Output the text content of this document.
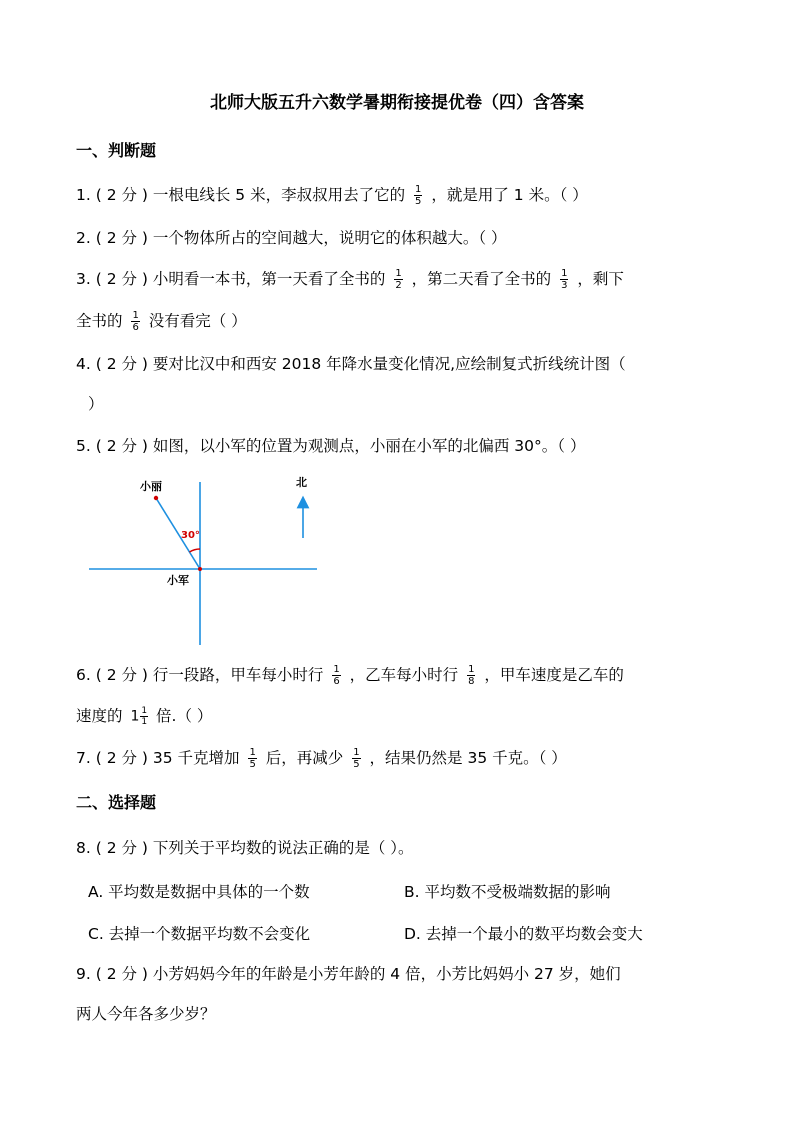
北师大版五升六数学暑期衔接提优卷（四）含答案
一、判断题
1. ( 2 分 ) 一根电线长 5 米，李叔叔用去了它的 $\frac{1}{5}$ ，就是用了 1 米。（ ）
2. ( 2 分 ) 一个物体所占的空间越大，说明它的体积越大。（ ）
3. ( 2 分 ) 小明看一本书，第一天看了全书的 $\frac{1}{2}$ ，第二天看了全书的 $\frac{1}{3}$ ，剩下
全书的 $\frac{1}{6}$ 没有看完（ ）
4. ( 2 分 ) 要对比汉中和西安 2018 年降水量变化情况,应绘制复式折线统计图（
）
5. ( 2 分 ) 如图，以小军的位置为观测点，小丽在小军的北偏西 30°。（ ）
小丽
小军
北
30°
6. ( 2 分 ) 行一段路，甲车每小时行 $\frac{1}{6}$ ，乙车每小时行 $\frac{1}{8}$ ，甲车速度是乙车的
速度的 $1 \frac{1}{1}$ 倍.（ ）
7. ( 2 分 ) 35 千克增加 $\frac{1}{5}$ 后，再减少 $\frac{1}{5}$ ，结果仍然是 35 千克。（ ）
二、选择题
8. ( 2 分 ) 下列关于平均数的说法正确的是（ ）。
A. 平均数是数据中具体的一个数	B. 平均数不受极端数据的影响
C. 去掉一个数据平均数不会变化	D. 去掉一个最小的数平均数会变大
9. ( 2 分 ) 小芳妈妈今年的年龄是小芳年龄的 4 倍，小芳比妈妈小 27 岁，她们
两人今年各多少岁？
